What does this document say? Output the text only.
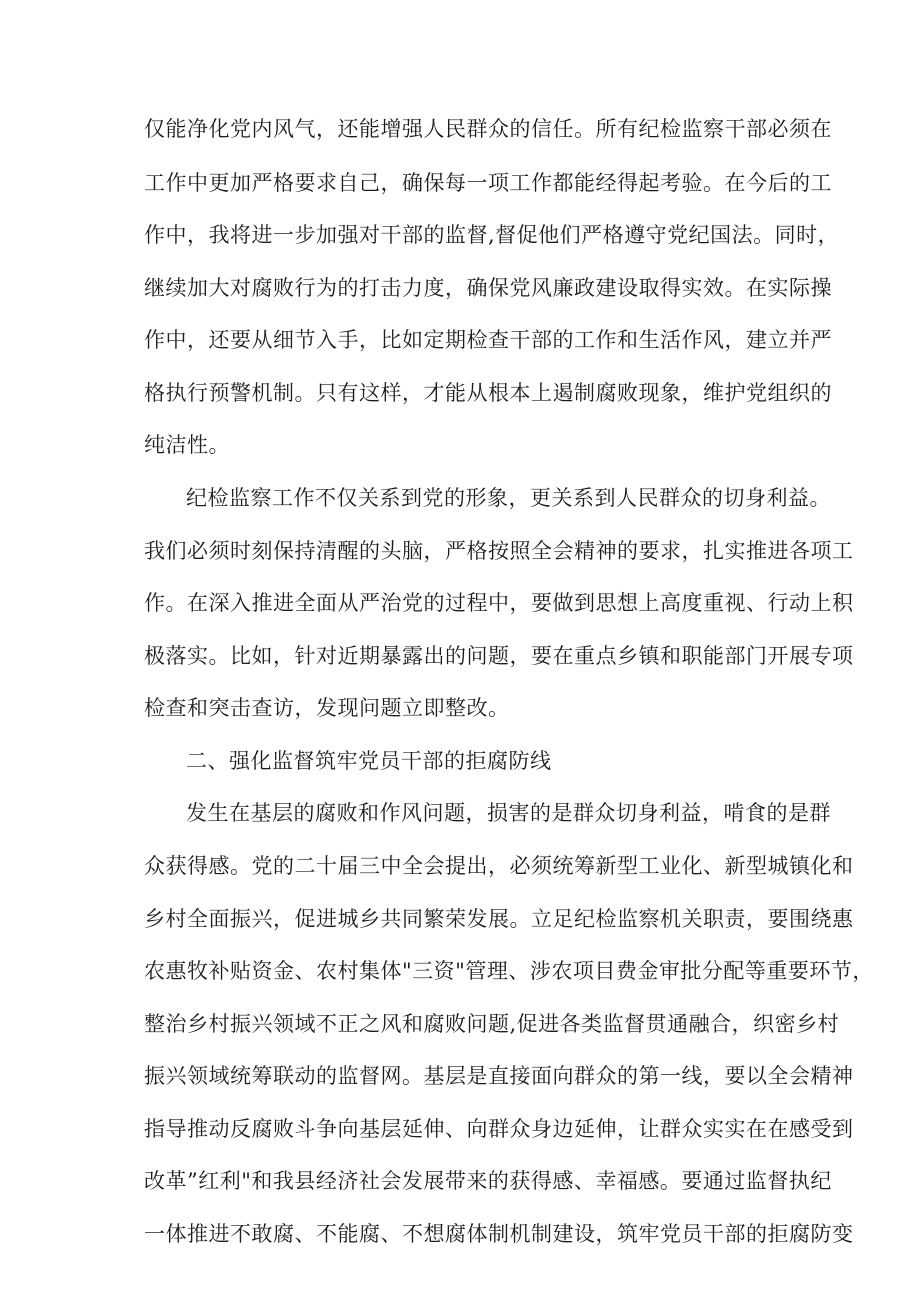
仅能净化党内风气，还能增强人民群众的信任。所有纪检监察干部必须在
工作中更加严格要求自己，确保每一项工作都能经得起考验。在今后的工
作中，我将进一步加强对干部的监督,督促他们严格遵守党纪国法。同时，
继续加大对腐败行为的打击力度，确保党风廉政建设取得实效。在实际操
作中，还要从细节入手，比如定期检查干部的工作和生活作风，建立并严
格执行预警机制。只有这样，才能从根本上遏制腐败现象，维护党组织的
纯洁性。
纪检监察工作不仅关系到党的形象，更关系到人民群众的切身利益。
我们必须时刻保持清醒的头脑，严格按照全会精神的要求，扎实推进各项工
作。在深入推进全面从严治党的过程中，要做到思想上高度重视、行动上积
极落实。比如，针对近期暴露出的问题，要在重点乡镇和职能部门开展专项
检查和突击查访，发现问题立即整改。
二、强化监督筑牢党员干部的拒腐防线
发生在基层的腐败和作风问题，损害的是群众切身利益，啃食的是群
众获得感。党的二十届三中全会提出，必须统筹新型工业化、新型城镇化和
乡村全面振兴，促进城乡共同繁荣发展。立足纪检监察机关职责，要围绕惠
农惠牧补贴资金、农村集体"三资"管理、涉农项目费金审批分配等重要环节，
整治乡村振兴领域不正之风和腐败问题,促进各类监督贯通融合，织密乡村
振兴领域统筹联动的监督网。基层是直接面向群众的第一线，要以全会精神
指导推动反腐败斗争向基层延伸、向群众身边延伸，让群众实实在在感受到
改革”红利"和我县经济社会发展带来的获得感、幸福感。要通过监督执纪
一体推进不敢腐、不能腐、不想腐体制机制建设，筑牢党员干部的拒腐防变
